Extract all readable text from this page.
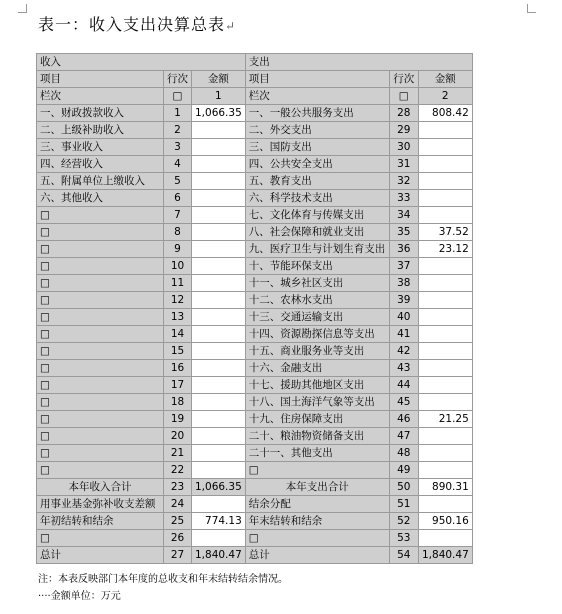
表一：收入支出决算总表↵
收入			支出		
项目	行次	金额	项目	行次	金额
栏次	□	1	栏次	□	2
一、财政拨款收入	1	1,066.35	一、一般公共服务支出	28	808.42
二、上级补助收入	2		二、外交支出	29	
三、事业收入	3		三、国防支出	30	
四、经营收入	4		四、公共安全支出	31	
五、附属单位上缴收入	5		五、教育支出	32	
六、其他收入	6		六、科学技术支出	33	
□	7		七、文化体育与传媒支出	34	
□	8		八、社会保障和就业支出	35	37.52
□	9		九、医疗卫生与计划生育支出	36	23.12
□	10		十、节能环保支出	37	
□	11		十一、城乡社区支出	38	
□	12		十二、农林水支出	39	
□	13		十三、交通运输支出	40	
□	14		十四、资源勘探信息等支出	41	
□	15		十五、商业服务业等支出	42	
□	16		十六、金融支出	43	
□	17		十七、援助其他地区支出	44	
□	18		十八、国土海洋气象等支出	45	
□	19		十九、住房保障支出	46	21.25
□	20		二十、粮油物资储备支出	47	
□	21		二十一、其他支出	48	
□	22		□	49	
本年收入合计	23	1,066.35	本年支出合计	50	890.31
用事业基金弥补收支差额	24		结余分配	51	
年初结转和结余	25	774.13	年末结转和结余	52	950.16
□	26		□	53	
总计	27	1,840.47	总计	54	1,840.47
注：本表反映部门本年度的总收支和年末结转结余情况。
····金额单位：万元
